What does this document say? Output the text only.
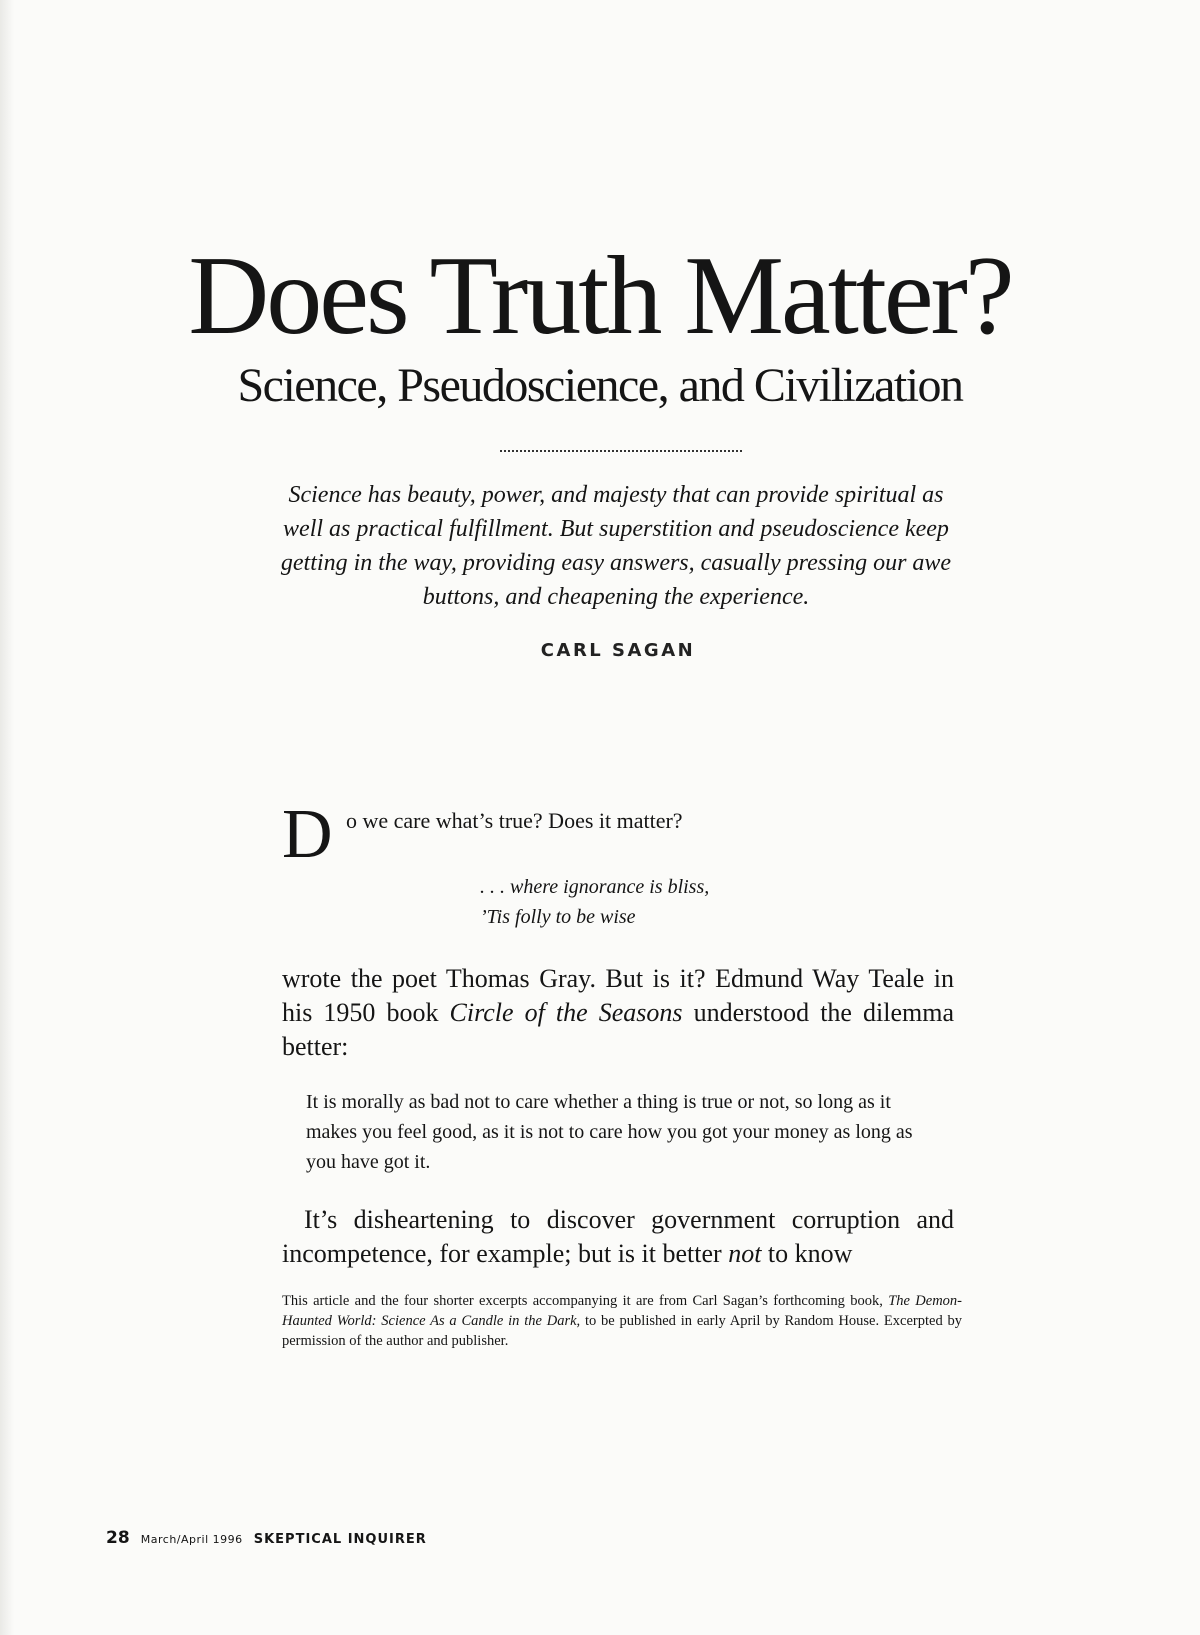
Does Truth Matter?
Science, Pseudoscience, and Civilization

Science has beauty, power, and majesty that can provide spiritual as well as practical fulfillment. But superstition and pseudoscience keep getting in the way, providing easy answers, casually pressing our awe buttons, and cheapening the experience.

CARL SAGAN
D o we care what’s true? Does it matter?
. . . where ignorance is bliss,
’Tis folly to be wise

wrote the poet Thomas Gray. But is it? Edmund Way Teale in his 1950 book Circle of the Seasons understood the dilemma better:

It is morally as bad not to care whether a thing is true or not, so long as it makes you feel good, as it is not to care how you got your money as long as you have got it.

It’s disheartening to discover government corruption and incompetence, for example; but is it better not to know

This article and the four shorter excerpts accompanying it are from Carl Sagan’s forthcoming book, The Demon-Haunted World: Science As a Candle in the Dark, to be published in early April by Random House. Excerpted by permission of the author and publisher.

28 March/April 1996 SKEPTICAL INQUIRER
